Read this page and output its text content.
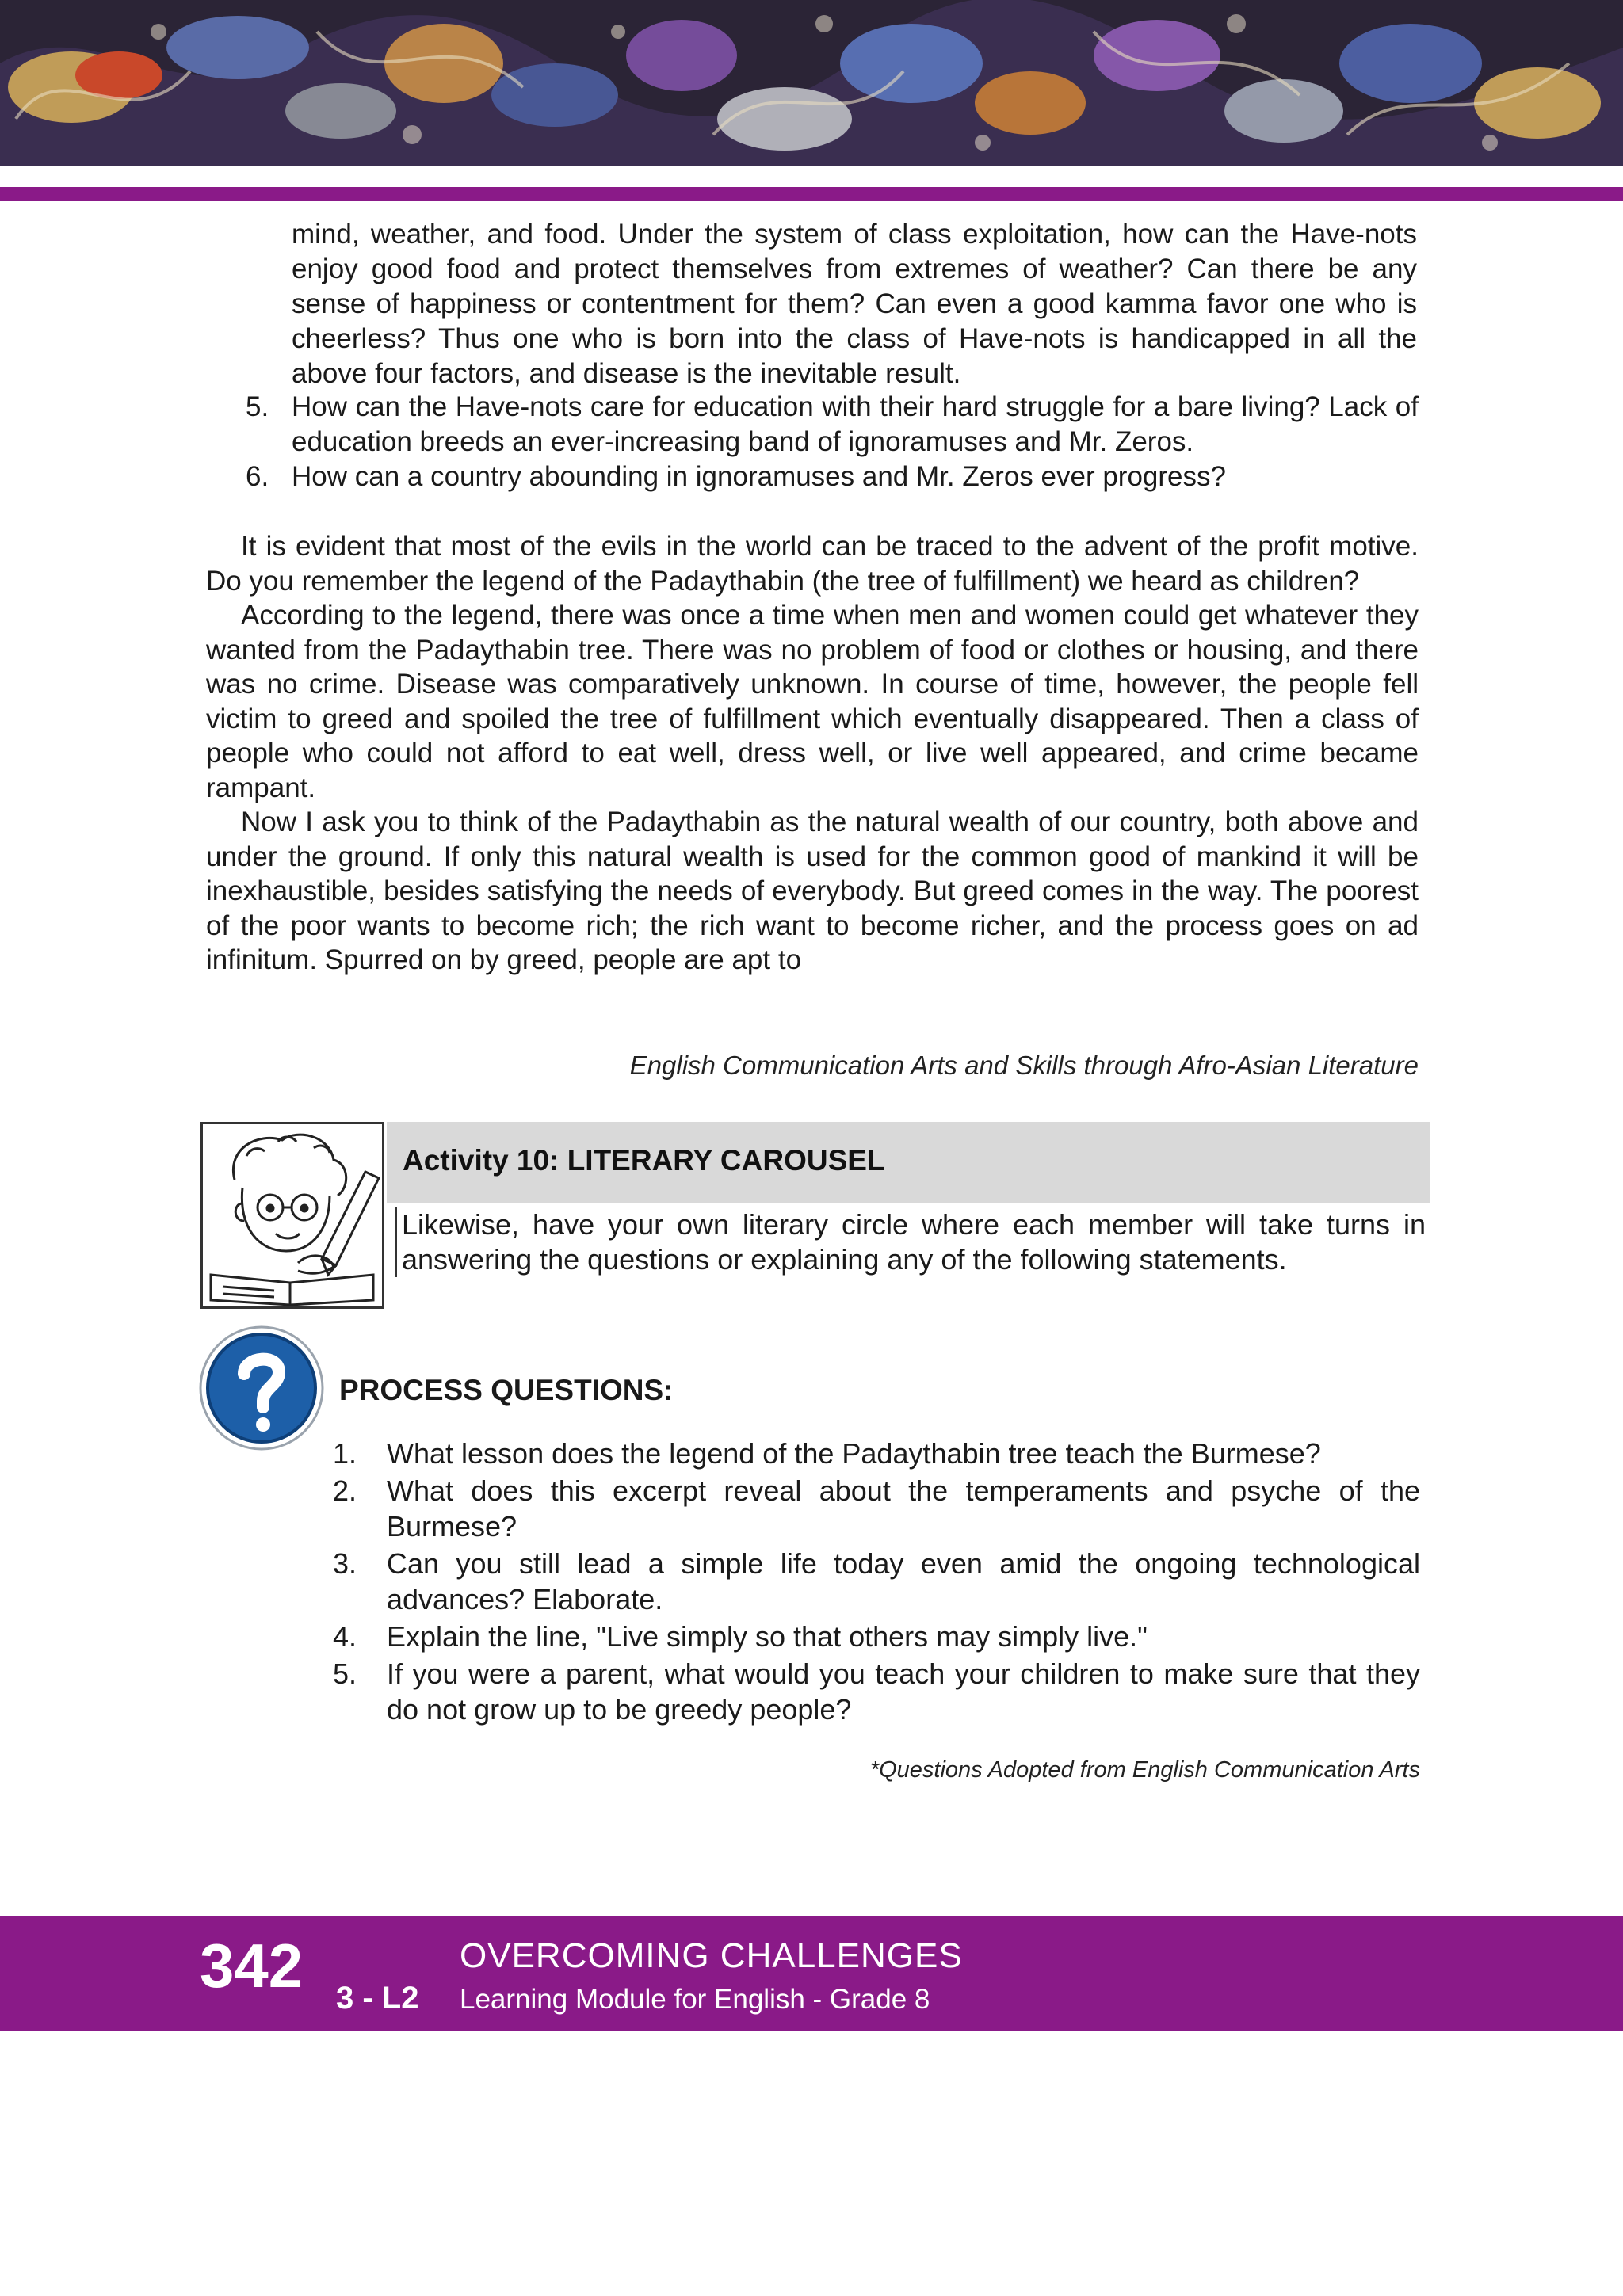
mind, weather, and food. Under the system of class exploitation, how can the Have-nots enjoy good food and protect themselves from extremes of weather? Can there be any sense of happiness or contentment for them? Can even a good kamma favor one who is cheerless? Thus one who is born into the class of Have-nots is handicapped in all the above four factors, and disease is the inevitable result.

5. How can the Have-nots care for education with their hard struggle for a bare living? Lack of education breeds an ever-increasing band of ignoramuses and Mr. Zeros.
6. How can a country abounding in ignoramuses and Mr. Zeros ever progress?

It is evident that most of the evils in the world can be traced to the advent of the profit motive. Do you remember the legend of the Padaythabin (the tree of fulfillment) we heard as children?

According to the legend, there was once a time when men and women could get whatever they wanted from the Padaythabin tree. There was no problem of food or clothes or housing, and there was no crime. Disease was comparatively unknown. In course of time, however, the people fell victim to greed and spoiled the tree of fulfillment which eventually disappeared. Then a class of people who could not afford to eat well, dress well, or live well appeared, and crime became rampant.

Now I ask you to think of the Padaythabin as the natural wealth of our country, both above and under the ground. If only this natural wealth is used for the common good of mankind it will be inexhaustible, besides satisfying the needs of everybody. But greed comes in the way. The poorest of the poor wants to become rich; the rich want to become richer, and the process goes on ad infinitum. Spurred on by greed, people are apt to

English Communication Arts and Skills through Afro-Asian Literature
Activity 10: LITERARY CAROUSEL
Likewise, have your own literary circle where each member will take turns in answering the questions or explaining any of the following statements.
PROCESS QUESTIONS:
1.	What lesson does the legend of the Padaythabin tree teach the Burmese?
2.	What does this excerpt reveal about the temperaments and psyche of the Burmese?
3.	Can you still lead a simple life today even amid the ongoing technological advances? Elaborate.
4.	Explain the line, "Live simply so that others may simply live."
5.	If you were a parent, what would you teach your children to make sure that they do not grow up to be greedy people?
*Questions Adopted from English Communication Arts
342 3 - L2
OVERCOMING CHALLENGES
Learning Module for English - Grade 8
